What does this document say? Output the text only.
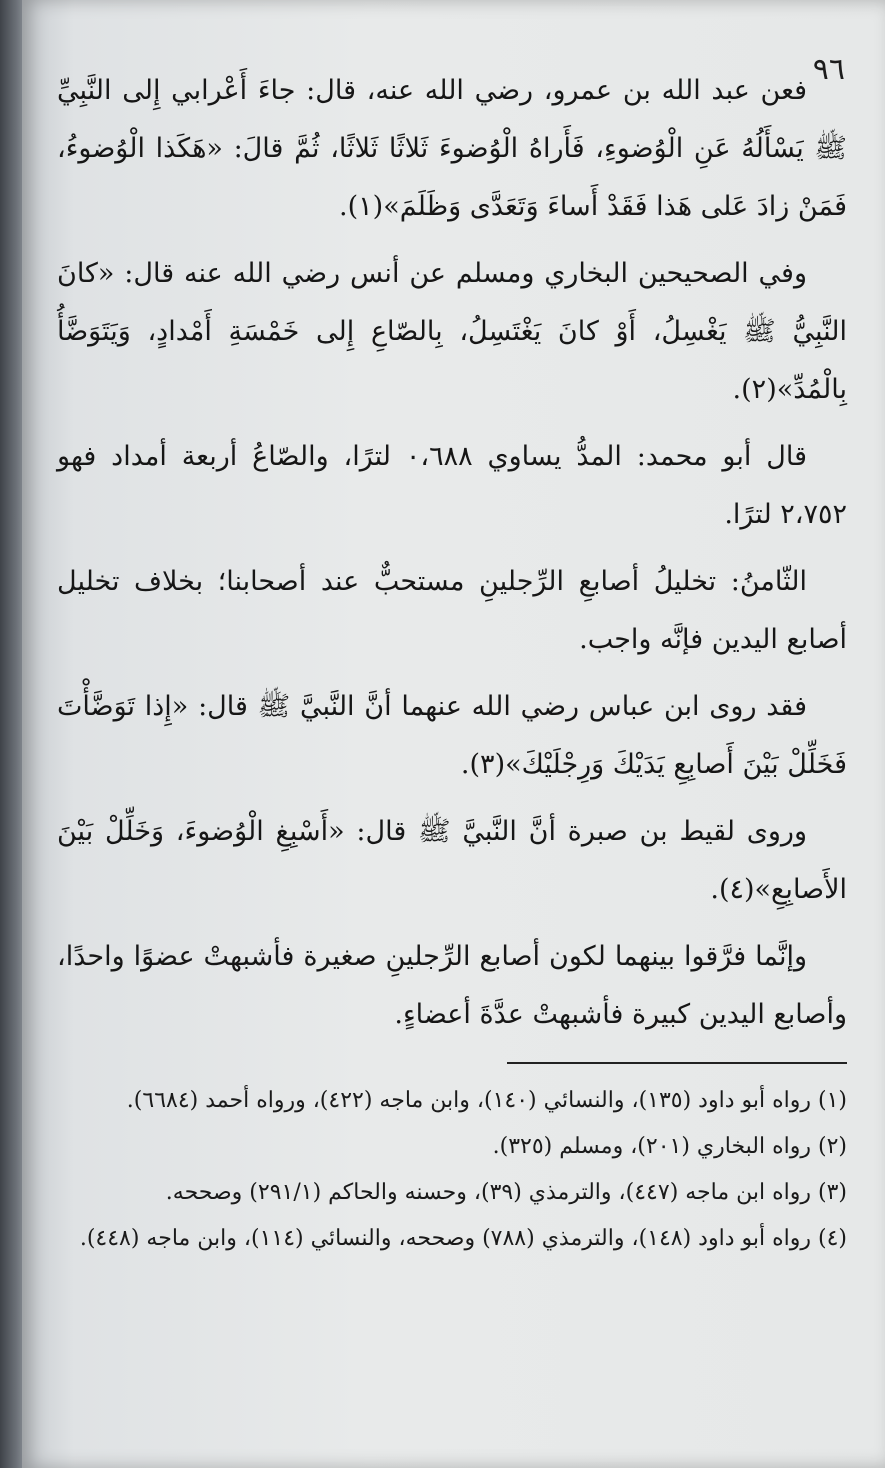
٩٦

فعن عبد الله بن عمرو، رضي الله عنه، قال: جاءَ أَعْرابي إِلى النَّبِيِّ ﷺ يَسْأَلُهُ عَنِ الْوُضوءِ، فَأَراهُ الْوُضوءَ ثَلاثًا ثَلاثًا، ثُمَّ قالَ: «هَكَذا الْوُضوءُ، فَمَنْ زادَ عَلى هَذا فَقَدْ أَساءَ وَتَعَدَّى وَظَلَمَ»(١).

وفي الصحيحين البخاري ومسلم عن أنس رضي الله عنه قال: «كانَ النَّبِيُّ ﷺ يَغْسِلُ، أَوْ كانَ يَغْتَسِلُ، بِالصّاعِ إِلى خَمْسَةِ أَمْدادٍ، وَيَتَوَضَّأُ بِالْمُدِّ»(٢).

قال أبو محمد: المدُّ يساوي ٠،٦٨٨ لترًا، والصّاعُ أربعة أمداد فهو ٢،٧٥٢ لترًا.

الثّامنُ: تخليلُ أصابعِ الرِّجلينِ مستحبٌّ عند أصحابنا؛ بخلاف تخليل أصابع اليدين فإنَّه واجب.

فقد روى ابن عباس رضي الله عنهما أنَّ النَّبيَّ ﷺ قال: «إِذا تَوَضَّأْتَ فَخَلِّلْ بَيْنَ أَصابِعِ يَدَيْكَ وَرِجْلَيْكَ»(٣).

وروى لقيط بن صبرة أنَّ النَّبيَّ ﷺ قال: «أَسْبِغِ الْوُضوءَ، وَخَلِّلْ بَيْنَ الأَصابِعِ»(٤).

وإنَّما فرَّقوا بينهما لكون أصابع الرِّجلينِ صغيرة فأشبهتْ عضوًا واحدًا، وأصابع اليدين كبيرة فأشبهتْ عدَّةَ أعضاءٍ.

(١) رواه أبو داود (١٣٥)، والنسائي (١٤٠)، وابن ماجه (٤٢٢)، ورواه أحمد (٦٦٨٤).
(٢) رواه البخاري (٢٠١)، ومسلم (٣٢٥).
(٣) رواه ابن ماجه (٤٤٧)، والترمذي (٣٩)، وحسنه والحاكم (٢٩١/١) وصححه.
(٤) رواه أبو داود (١٤٨)، والترمذي (٧٨٨) وصححه، والنسائي (١١٤)، وابن ماجه (٤٤٨).
